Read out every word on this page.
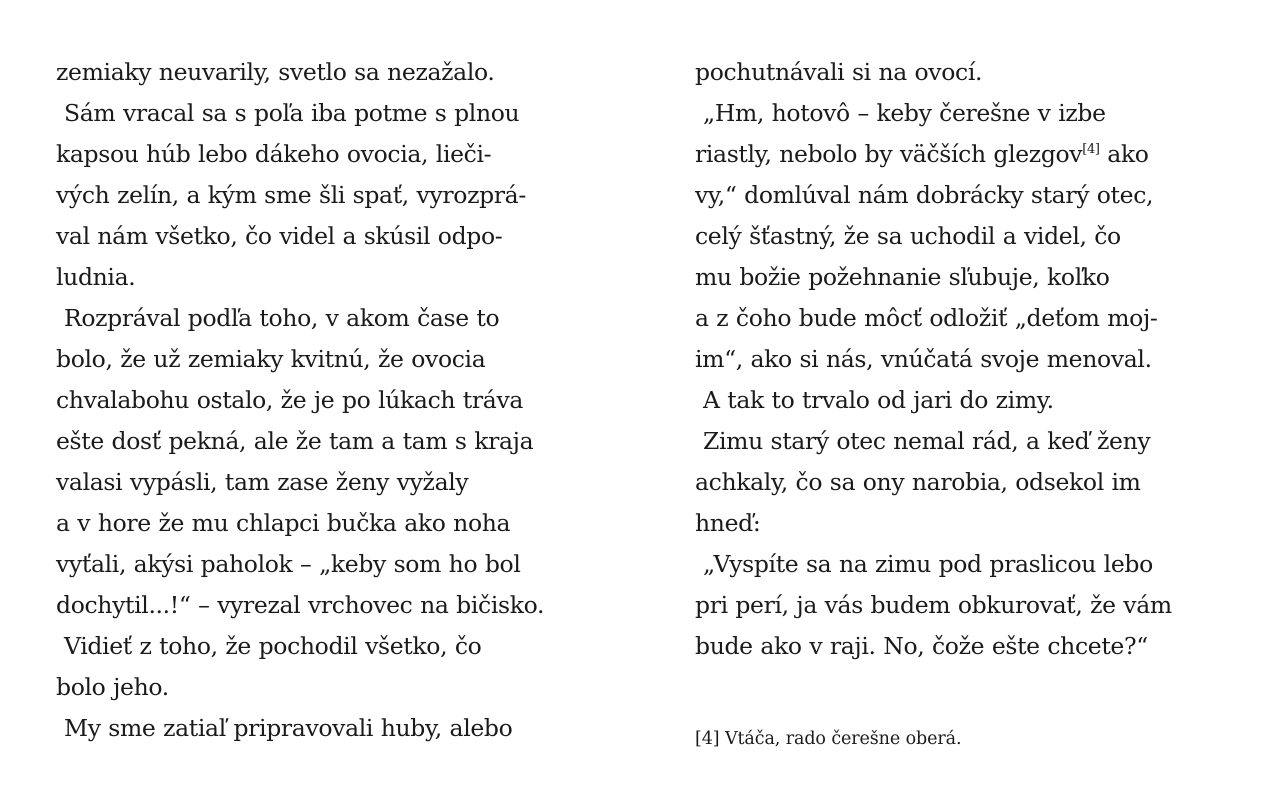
zemiaky neuvarily, svetlo sa nezažalo.
Sám vracal sa s poľa iba potme s plnou
kapsou húb lebo dákeho ovocia, lieči-
vých zelín, a kým sme šli spať, vyrozprá-
val nám všetko, čo videl a skúsil odpo-
ludnia.
Rozprával podľa toho, v akom čase to
bolo, že už zemiaky kvitnú, že ovocia
chvalabohu ostalo, že je po lúkach tráva
ešte dosť pekná, ale že tam a tam s kraja
valasi vypásli, tam zase ženy vyžaly
a v hore že mu chlapci bučka ako noha
vyťali, akýsi paholok – „keby som ho bol
dochytil...!“ – vyrezal vrchovec na bičisko.
Vidieť z toho, že pochodil všetko, čo
bolo jeho.
My sme zatiaľ pripravovali huby, alebo
pochutnávali si na ovocí.
„Hm, hotovô – keby čerešne v izbe
riastly, nebolo by väčších glezgov[4] ako
vy,“ domlúval nám dobrácky starý otec,
celý šťastný, že sa uchodil a videl, čo
mu božie požehnanie sľubuje, koľko
a z čoho bude môcť odložiť „deťom moj-
im“, ako si nás, vnúčatá svoje menoval.
A tak to trvalo od jari do zimy.
Zimu starý otec nemal rád, a keď ženy
achkaly, čo sa ony narobia, odsekol im
hneď:
„Vyspíte sa na zimu pod praslicou lebo
pri perí, ja vás budem obkurovať, že vám
bude ako v raji. No, čože ešte chcete?“
[4] Vtáča, rado čerešne oberá.
